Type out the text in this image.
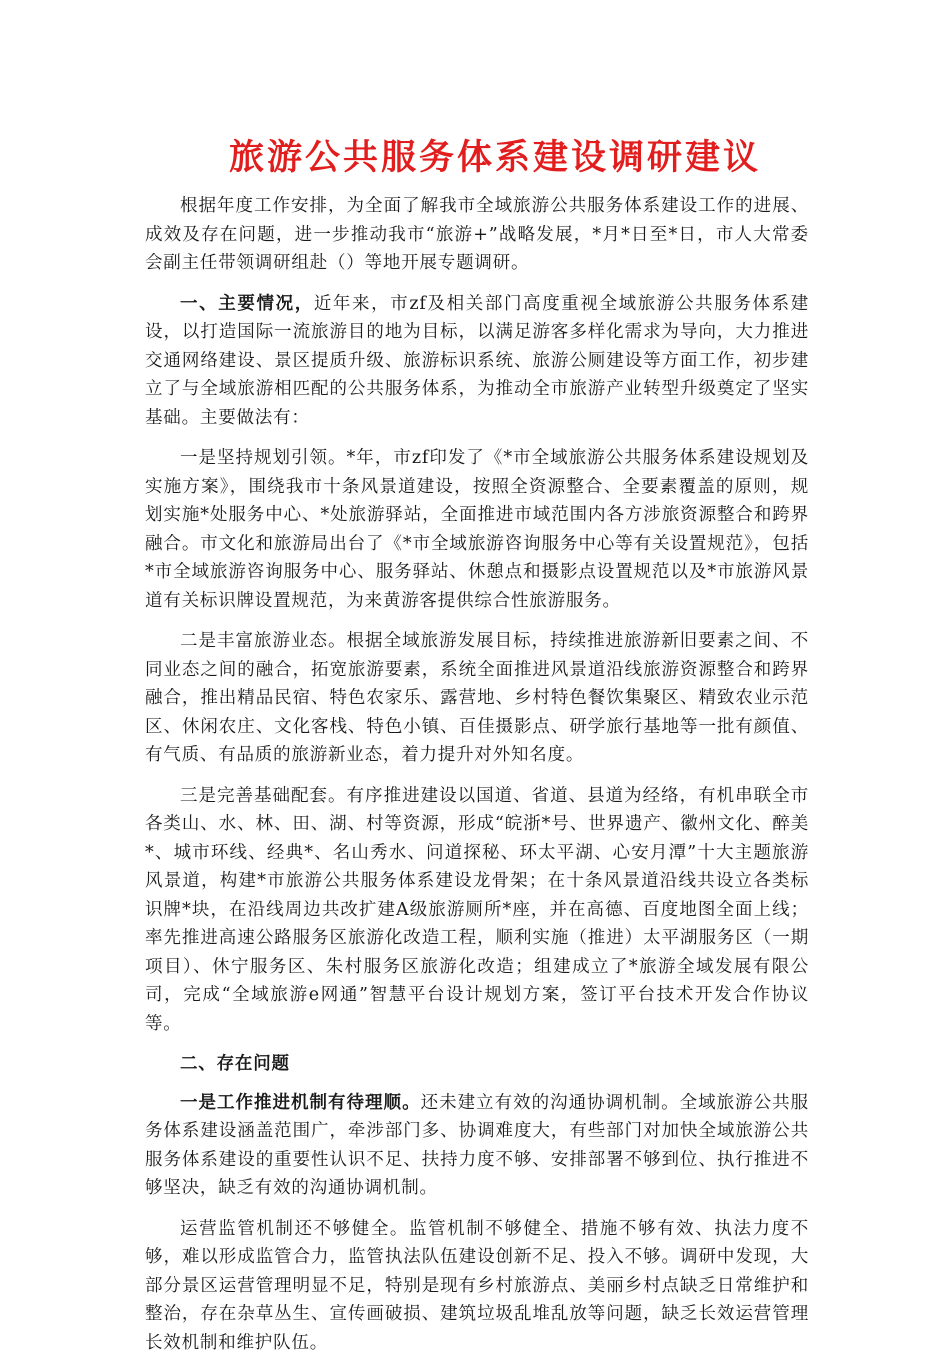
旅游公共服务体系建设调研建议

根据年度工作安排，为全面了解我市全域旅游公共服务体系建设工作的进展、成效及存在问题，进一步推动我市“旅游+”战略发展，*月*日至*日，市人大常委会副主任带领调研组赴（）等地开展专题调研。

一、主要情况，近年来，市zf及相关部门高度重视全域旅游公共服务体系建设，以打造国际一流旅游目的地为目标，以满足游客多样化需求为导向，大力推进交通网络建设、景区提质升级、旅游标识系统、旅游公厕建设等方面工作，初步建立了与全域旅游相匹配的公共服务体系，为推动全市旅游产业转型升级奠定了坚实基础。主要做法有：

一是坚持规划引领。*年，市zf印发了《*市全域旅游公共服务体系建设规划及实施方案》，围绕我市十条风景道建设，按照全资源整合、全要素覆盖的原则，规划实施*处服务中心、*处旅游驿站，全面推进市域范围内各方涉旅资源整合和跨界融合。市文化和旅游局出台了《*市全域旅游咨询服务中心等有关设置规范》，包括*市全域旅游咨询服务中心、服务驿站、休憩点和摄影点设置规范以及*市旅游风景道有关标识牌设置规范，为来黄游客提供综合性旅游服务。

二是丰富旅游业态。根据全域旅游发展目标，持续推进旅游新旧要素之间、不同业态之间的融合，拓宽旅游要素，系统全面推进风景道沿线旅游资源整合和跨界融合，推出精品民宿、特色农家乐、露营地、乡村特色餐饮集聚区、精致农业示范区、休闲农庄、文化客栈、特色小镇、百佳摄影点、研学旅行基地等一批有颜值、有气质、有品质的旅游新业态，着力提升对外知名度。

三是完善基础配套。有序推进建设以国道、省道、县道为经络，有机串联全市各类山、水、林、田、湖、村等资源，形成“皖浙*号、世界遗产、徽州文化、醉美*、城市环线、经典*、名山秀水、问道探秘、环太平湖、心安月潭”十大主题旅游风景道，构建*市旅游公共服务体系建设龙骨架；在十条风景道沿线共设立各类标识牌*块，在沿线周边共改扩建A级旅游厕所*座，并在高德、百度地图全面上线；率先推进高速公路服务区旅游化改造工程，顺利实施（推进）太平湖服务区（一期项目）、休宁服务区、朱村服务区旅游化改造；组建成立了*旅游全域发展有限公司，完成“全域旅游e网通”智慧平台设计规划方案，签订平台技术开发合作协议等。

二、存在问题

一是工作推进机制有待理顺。还未建立有效的沟通协调机制。全域旅游公共服务体系建设涵盖范围广，牵涉部门多、协调难度大，有些部门对加快全域旅游公共服务体系建设的重要性认识不足、扶持力度不够、安排部署不够到位、执行推进不够坚决，缺乏有效的沟通协调机制。

运营监管机制还不够健全。监管机制不够健全、措施不够有效、执法力度不够，难以形成监管合力，监管执法队伍建设创新不足、投入不够。调研中发现，大部分景区运营管理明显不足，特别是现有乡村旅游点、美丽乡村点缺乏日常维护和整治，存在杂草丛生、宣传画破损、建筑垃圾乱堆乱放等问题，缺乏长效运营管理长效机制和维护队伍。
